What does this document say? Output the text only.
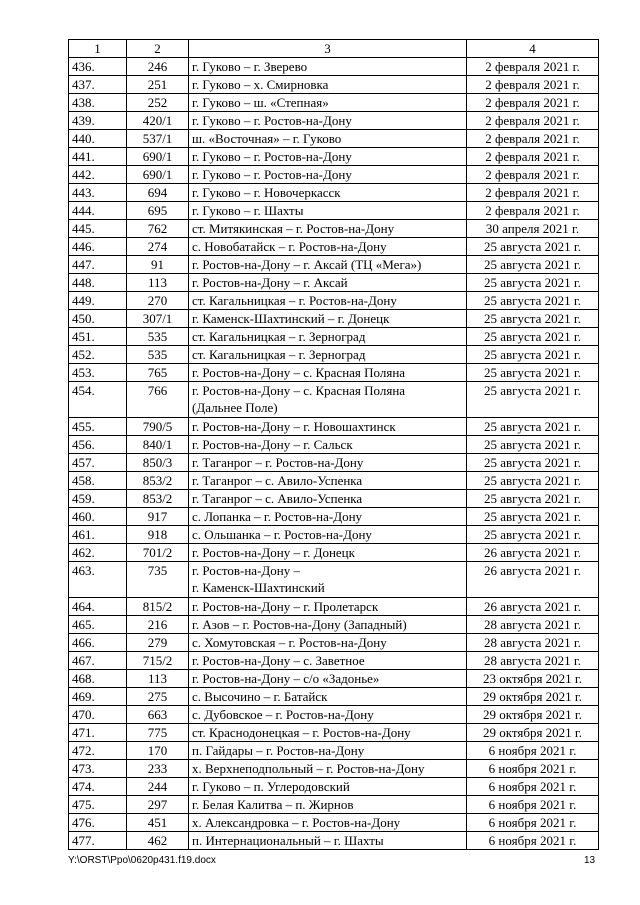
1	2	3	4
436.	246	г. Гуково – г. Зверево	2 февраля 2021 г.
437.	251	г. Гуково – х. Смирновка	2 февраля 2021 г.
438.	252	г. Гуково – ш. «Степная»	2 февраля 2021 г.
439.	420/1	г. Гуково – г. Ростов-на-Дону	2 февраля 2021 г.
440.	537/1	ш. «Восточная» – г. Гуково	2 февраля 2021 г.
441.	690/1	г. Гуково – г. Ростов-на-Дону	2 февраля 2021 г.
442.	690/1	г. Гуково – г. Ростов-на-Дону	2 февраля 2021 г.
443.	694	г. Гуково – г. Новочеркасск	2 февраля 2021 г.
444.	695	г. Гуково – г. Шахты	2 февраля 2021 г.
445.	762	ст. Митякинская – г. Ростов-на-Дону	30 апреля 2021 г.
446.	274	с. Новобатайск – г. Ростов-на-Дону	25 августа 2021 г.
447.	91	г. Ростов-на-Дону – г. Аксай (ТЦ «Мега»)	25 августа 2021 г.
448.	113	г. Ростов-на-Дону – г. Аксай	25 августа 2021 г.
449.	270	ст. Кагальницкая – г. Ростов-на-Дону	25 августа 2021 г.
450.	307/1	г. Каменск-Шахтинский – г. Донецк	25 августа 2021 г.
451.	535	ст. Кагальницкая – г. Зерноград	25 августа 2021 г.
452.	535	ст. Кагальницкая – г. Зерноград	25 августа 2021 г.
453.	765	г. Ростов-на-Дону – с. Красная Поляна	25 августа 2021 г.
454.	766	г. Ростов-на-Дону – с. Красная Поляна
(Дальнее Поле)	25 августа 2021 г.
455.	790/5	г. Ростов-на-Дону – г. Новошахтинск	25 августа 2021 г.
456.	840/1	г. Ростов-на-Дону – г. Сальск	25 августа 2021 г.
457.	850/3	г. Таганрог – г. Ростов-на-Дону	25 августа 2021 г.
458.	853/2	г. Таганрог – с. Авило-Успенка	25 августа 2021 г.
459.	853/2	г. Таганрог – с. Авило-Успенка	25 августа 2021 г.
460.	917	с. Лопанка – г. Ростов-на-Дону	25 августа 2021 г.
461.	918	с. Ольшанка – г. Ростов-на-Дону	25 августа 2021 г.
462.	701/2	г. Ростов-на-Дону – г. Донецк	26 августа 2021 г.
463.	735	г. Ростов-на-Дону –
г. Каменск-Шахтинский	26 августа 2021 г.
464.	815/2	г. Ростов-на-Дону – г. Пролетарск	26 августа 2021 г.
465.	216	г. Азов – г. Ростов-на-Дону (Западный)	28 августа 2021 г.
466.	279	с. Хомутовская – г. Ростов-на-Дону	28 августа 2021 г.
467.	715/2	г. Ростов-на-Дону – с. Заветное	28 августа 2021 г.
468.	113	г. Ростов-на-Дону – с/о «Задонье»	23 октября 2021 г.
469.	275	с. Высочино – г. Батайск	29 октября 2021 г.
470.	663	с. Дубовское – г. Ростов-на-Дону	29 октября 2021 г.
471.	775	ст. Краснодонецкая – г. Ростов-на-Дону	29 октября 2021 г.
472.	170	п. Гайдары – г. Ростов-на-Дону	6 ноября 2021 г.
473.	233	х. Верхнеподпольный – г. Ростов-на-Дону	6 ноября 2021 г.
474.	244	г. Гуково – п. Углеродовский	6 ноября 2021 г.
475.	297	г. Белая Калитва – п. Жирнов	6 ноября 2021 г.
476.	451	х. Александровка – г. Ростов-на-Дону	6 ноября 2021 г.
477.	462	п. Интернациональный – г. Шахты	6 ноября 2021 г.
Y:\ORST\Ppo\0620p431.f19.docx	13
